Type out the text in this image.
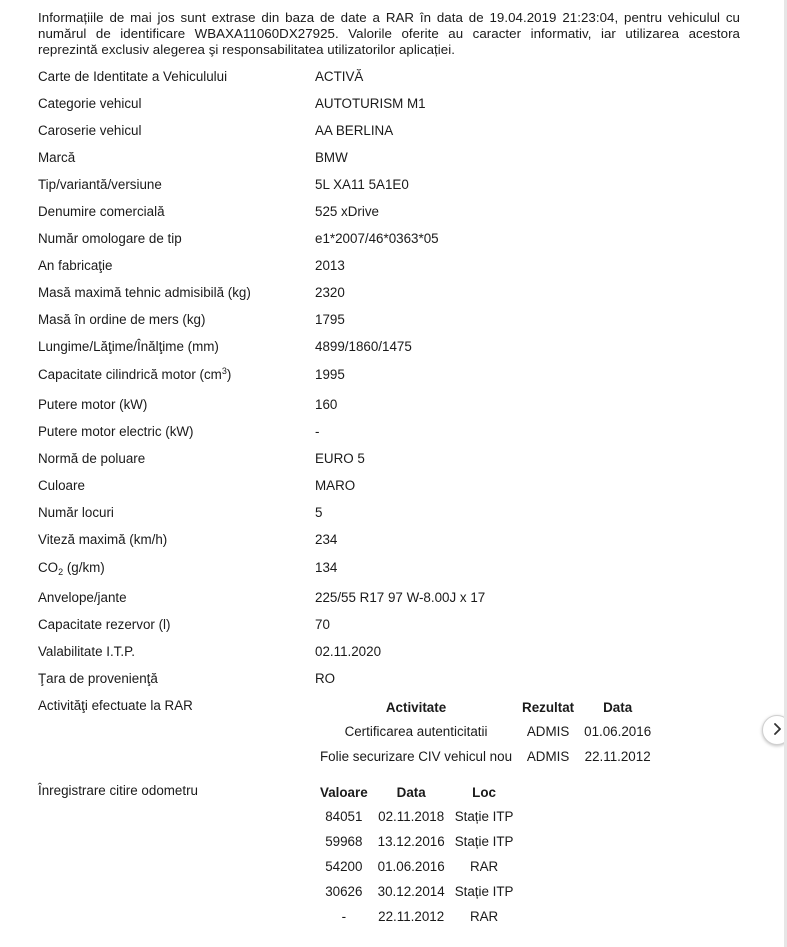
Informațiile de mai jos sunt extrase din baza de date a RAR în data de 19.04.2019 21:23:04, pentru vehiculul cu numărul de identificare WBAXA11060DX27925. Valorile oferite au caracter informativ, iar utilizarea acestora reprezintă exclusiv alegerea şi responsabilitatea utilizatorilor aplicației.

Carte de Identitate a Vehiculului	ACTIVĂ
Categorie vehicul	AUTOTURISM M1
Caroserie vehicul	AA BERLINA
Marcă	BMW
Tip/variantă/versiune	5L XA11 5A1E0
Denumire comercială	525 xDrive
Număr omologare de tip	e1*2007/46*0363*05
An fabricaţie	2013
Masă maximă tehnic admisibilă (kg)	2320
Masă în ordine de mers (kg)	1795
Lungime/Lăţime/Înălţime (mm)	4899/1860/1475
Capacitate cilindrică motor $(cm^3)$	1995
Putere motor (kW)	160
Putere motor electric (kW)	-
Normă de poluare	EURO 5
Culoare	MARO
Număr locuri	5
Viteză maximă (km/h)	234
$CO_2$ (g/km)	134
Anvelope/jante	225/55 R17 97 W-8.00J x 17
Capacitate rezervor (l)	70
Valabilitate I.T.P.	02.11.2020
Ţara de provenienţă	RO
Activităţi efectuate la RAR		Activitate	Rezultat	Data
Certificarea autenticitatii	ADMIS	01.06.2016
Folie securizare CIV vehicul nou	ADMIS	22.11.2012

Înregistrare citire odometru		Valoare	Data	Loc
84051	02.11.2018	Stație ITP
59968	13.12.2016	Stație ITP
54200	01.06.2016	RAR
30626	30.12.2014	Stație ITP
-	22.11.2012	RAR
